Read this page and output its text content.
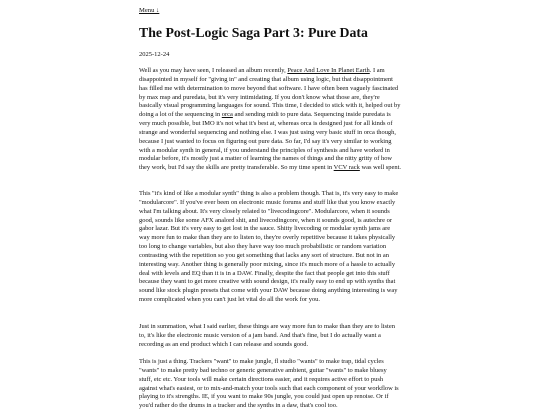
Menu ↓
The Post-Logic Saga Part 3: Pure Data
2025-12-24

Well as you may have seen, I released an album recently, Peace And Love In Planet Earth. I am disappointed in myself for "giving in" and creating that album using logic, but that disappointment has filled me with determination to move beyond that software. I have often been vaguely fascinated by max msp and puredata, but it's very intimidating. If you don't know what those are, they're basically visual programming languages for sound. This time, I decided to stick with it, helped out by doing a lot of the sequencing in orca and sending midi to pure data. Sequencing inside puredata is very much possible, but IMO it's not what it's best at, whereas orca is designed just for all kinds of strange and wonderful sequencing and nothing else. I was just using very basic stuff in orca though, because I just wanted to focus on figuring out pure data. So far, I'd say it's very similar to working with a modular synth in general, if you understand the principles of synthesis and have worked in modular before, it's mostly just a matter of learning the names of things and the nitty gritty of how they work, but I'd say the skills are pretty transferable. So my time spent in VCV rack was well spent.

This "it's kind of like a modular synth" thing is also a problem though. That is, it's very easy to make "modularcore". If you've ever been on electronic music forums and stuff like that you know exactly what I'm talking about. It's very closely related to "livecodingcore". Modularcore, when it sounds good, sounds like some AFX analord shit, and livecodingcore, when it sounds good, is autechre or gabor lazar. But it's very easy to get lost in the sauce. Shitty livecoding or modular synth jams are way more fun to make than they are to listen to, they're overly repetitive because it takes physically too long to change variables, but also they have way too much probabilistic or random variation contrasting with the repetition so you get something that lacks any sort of structure. But not in an interesting way. Another thing is generally poor mixing, since it's much more of a hassle to actually deal with levels and EQ than it is in a DAW. Finally, despite the fact that people get into this stuff because they want to get more creative with sound design, it's really easy to end up with synths that sound like stock plugin presets that come with your DAW because doing anything interesting is way more complicated when you can't just let vital do all the work for you.

Just in summation, what I said earlier, these things are way more fun to make than they are to listen to, it's like the electronic music version of a jam band. And that's fine, but I do actually want a recording as an end product which I can release and sounds good.

This is just a thing. Trackers "want" to make jungle, fl studio "wants" to make trap, tidal cycles "wants" to make pretty bad techno or generic generative ambient, guitar "wants" to make bluesy stuff, etc etc. Your tools will make certain directions easier, and it requires active effort to push against what's easiest, or to mix-and-match your tools such that each component of your workflow is playing to it's strengths. IE, if you want to make 90s jungle, you could just open up renoise. Or if you'd rather do the drums in a tracker and the synths in a daw, that's cool too.
